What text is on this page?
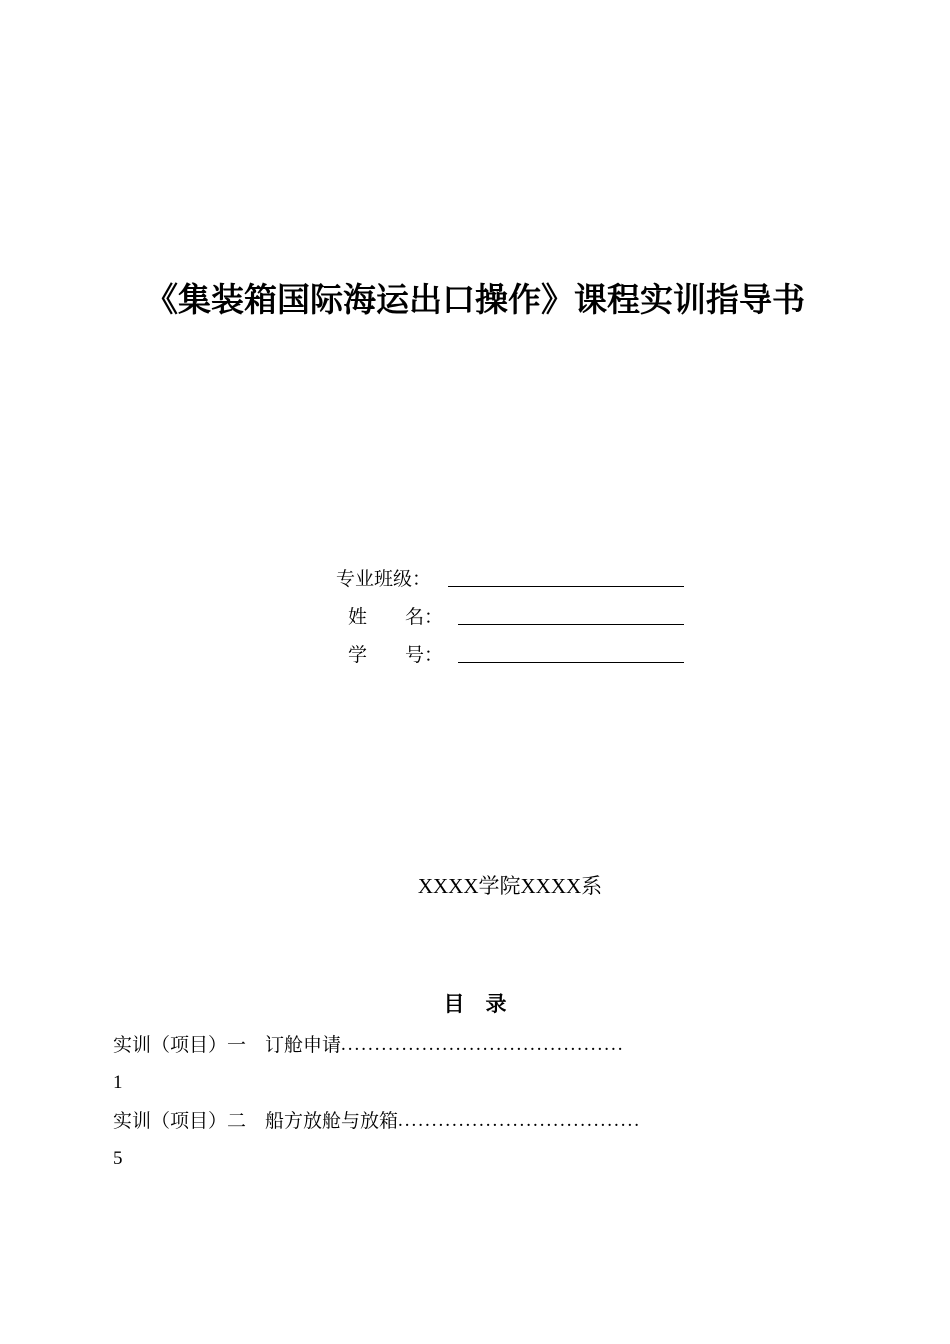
《集装箱国际海运出口操作》课程实训指导书
专业班级：
姓　　名：
学　　号：
XXXX学院XXXX系
目　录
实训（项目）一　订舱申请 ..........................................
1
实训（项目）二　船方放舱与放箱 ....................................
5
